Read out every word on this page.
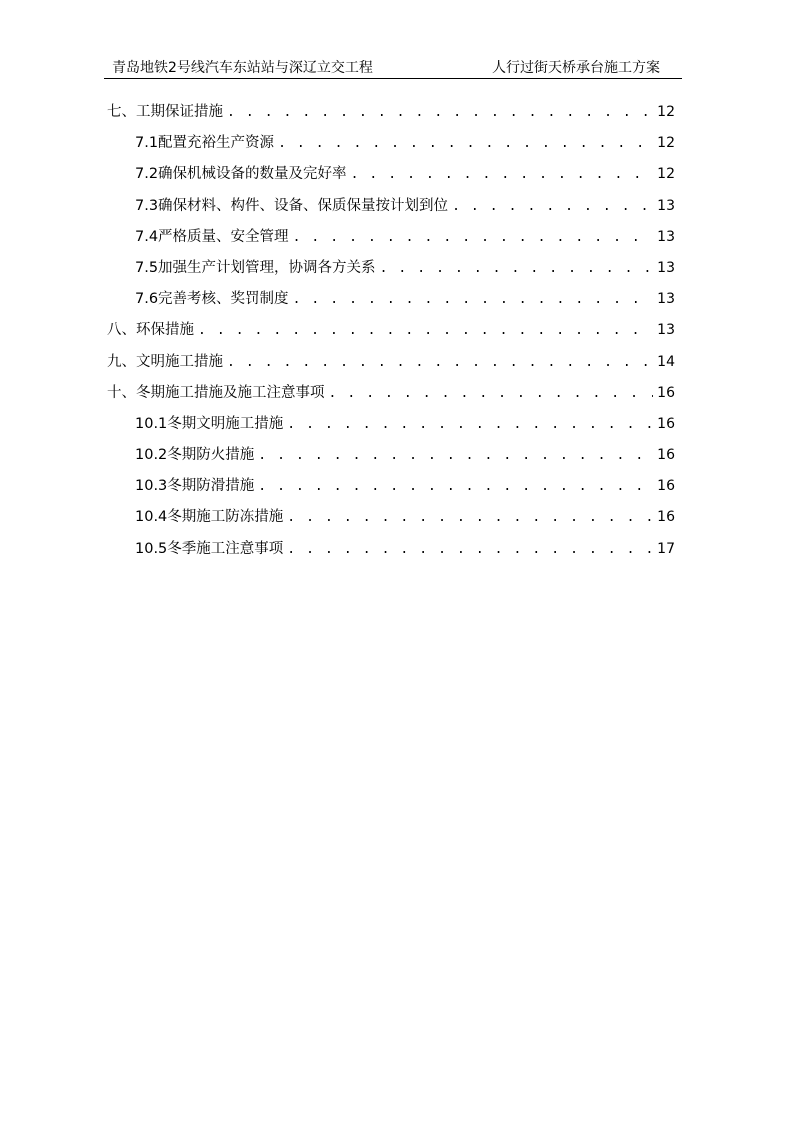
青岛地铁2号线汽车东站站与深辽立交工程	人行过街天桥承台施工方案
七、工期保证措施 . . .	12
7.1配置充裕生产资源 . . .	12
7.2确保机械设备的数量及完好率 . . .	12
7.3确保材料、构件、设备、保质保量按计划到位 . . .	13
7.4严格质量、安全管理 . . .	13
7.5加强生产计划管理，协调各方关系 . . .	13
7.6完善考核、奖罚制度 . . .	13
八、环保措施 . . .	13
九、文明施工措施 . . .	14
十、冬期施工措施及施工注意事项 . . .	16
10.1冬期文明施工措施 . . .	16
10.2冬期防火措施 . . .	16
10.3冬期防滑措施 . . .	16
10.4冬期施工防冻措施 . . .	16
10.5冬季施工注意事项 . . .	17
